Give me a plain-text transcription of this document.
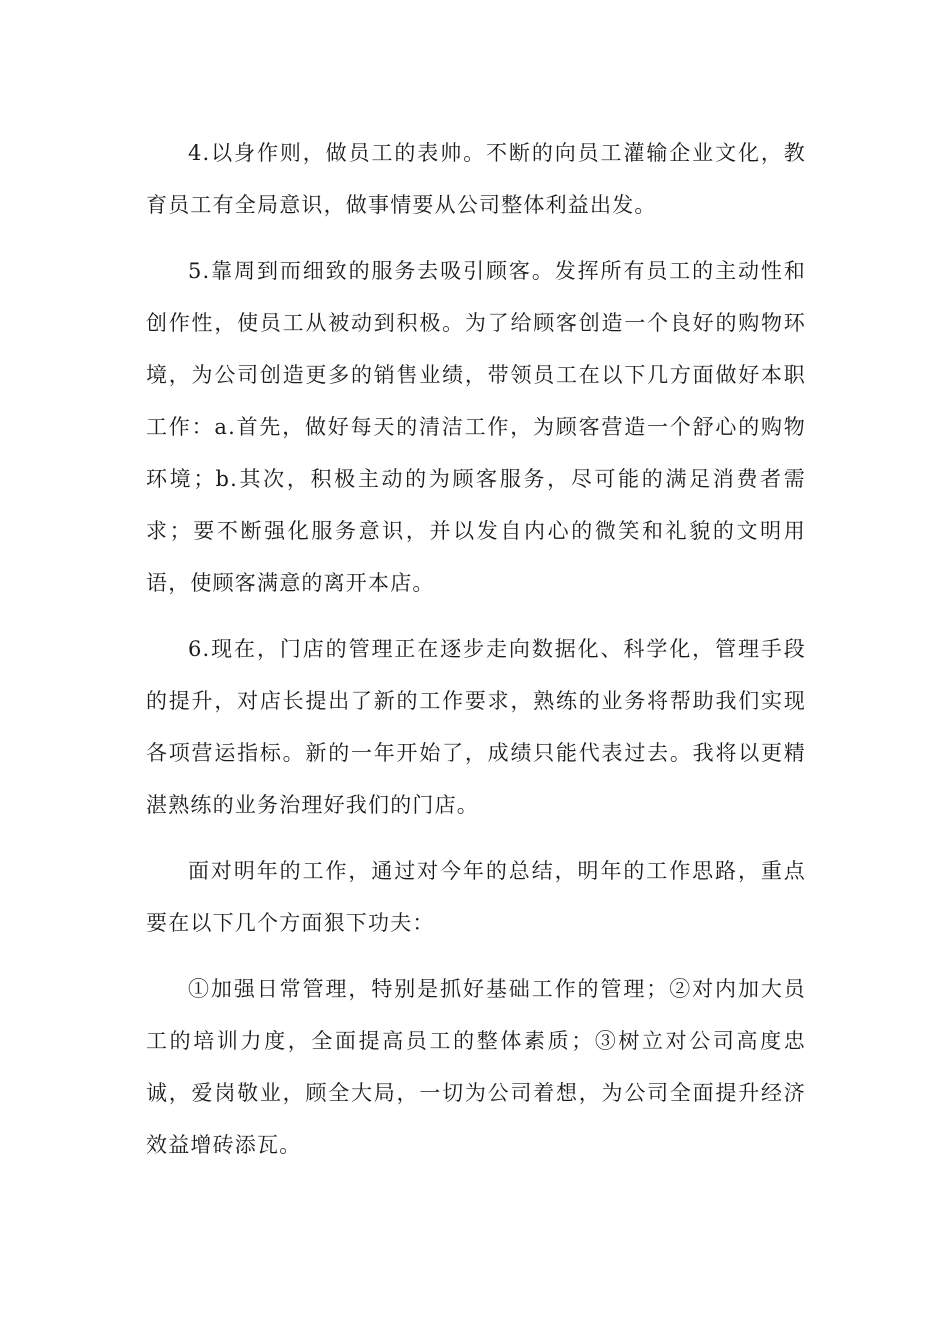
4.以身作则，做员工的表帅。不断的向员工灌输企业文化，教育员工有全局意识，做事情要从公司整体利益出发。

5.靠周到而细致的服务去吸引顾客。发挥所有员工的主动性和创作性，使员工从被动到积极。为了给顾客创造一个良好的购物环境，为公司创造更多的销售业绩，带领员工在以下几方面做好本职工作：a.首先，做好每天的清洁工作，为顾客营造一个舒心的购物环境；b.其次，积极主动的为顾客服务，尽可能的满足消费者需求；要不断强化服务意识，并以发自内心的微笑和礼貌的文明用语，使顾客满意的离开本店。

6.现在，门店的管理正在逐步走向数据化、科学化，管理手段的提升，对店长提出了新的工作要求，熟练的业务将帮助我们实现各项营运指标。新的一年开始了，成绩只能代表过去。我将以更精湛熟练的业务治理好我们的门店。

面对明年的工作，通过对今年的总结，明年的工作思路，重点要在以下几个方面狠下功夫：

①加强日常管理，特别是抓好基础工作的管理；②对内加大员工的培训力度，全面提高员工的整体素质；③树立对公司高度忠诚，爱岗敬业，顾全大局，一切为公司着想，为公司全面提升经济效益增砖添瓦。
